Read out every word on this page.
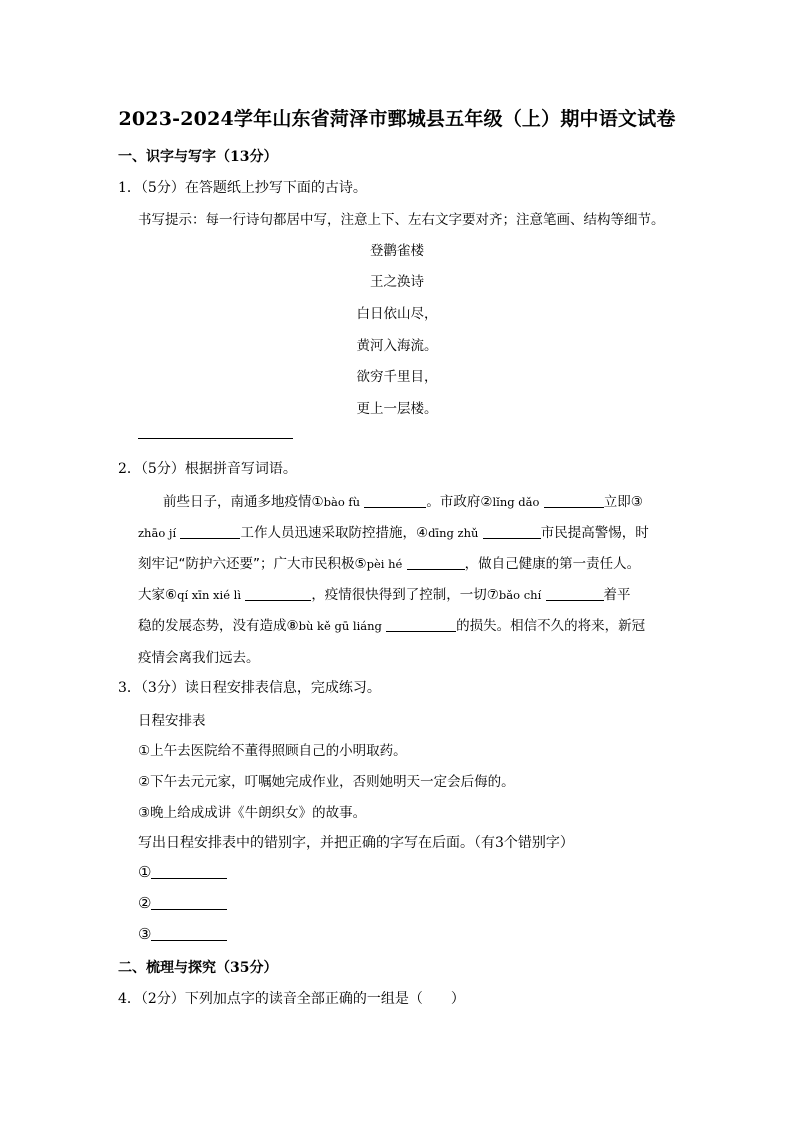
2023-2024学年山东省菏泽市鄄城县五年级（上）期中语文试卷
一、识字与写字（13分）
1．（5分）在答题纸上抄写下面的古诗。
书写提示：每一行诗句都居中写，注意上下、左右文字要对齐；注意笔画、结构等细节。
登鹳雀楼
王之涣诗
白日依山尽，
黄河入海流。
欲穷千里目，
更上一层楼。
2．（5分）根据拼音写词语。
前些日子，南通多地疫情①bào fù	。市政府②lǐng dǎo	立即③
zhāo jí	工作人员迅速采取防控措施，④dīng zhǔ	市民提高警惕，时
刻牢记“防护六还要”；广大市民积极⑤pèi hé	，做自己健康的第一责任人。
大家⑥qí xīn xié lì	，疫情很快得到了控制，一切⑦bǎo chí	着平
稳的发展态势，没有造成⑧bù kě gū liáng	的损失。相信不久的将来，新冠
疫情会离我们远去。
3．（3分）读日程安排表信息，完成练习。
日程安排表
①上午去医院给不董得照顾自己的小明取药。
②下午去元元家，叮嘱她完成作业，否则她明天一定会后侮的。
③晚上给成成讲《牛朗织女》的故事。
写出日程安排表中的错别字，并把正确的字写在后面。（有3个错别字）
①
②
③
二、梳理与探究（35分）
4．（2分）下列加点字的读音全部正确的一组是（　　）
